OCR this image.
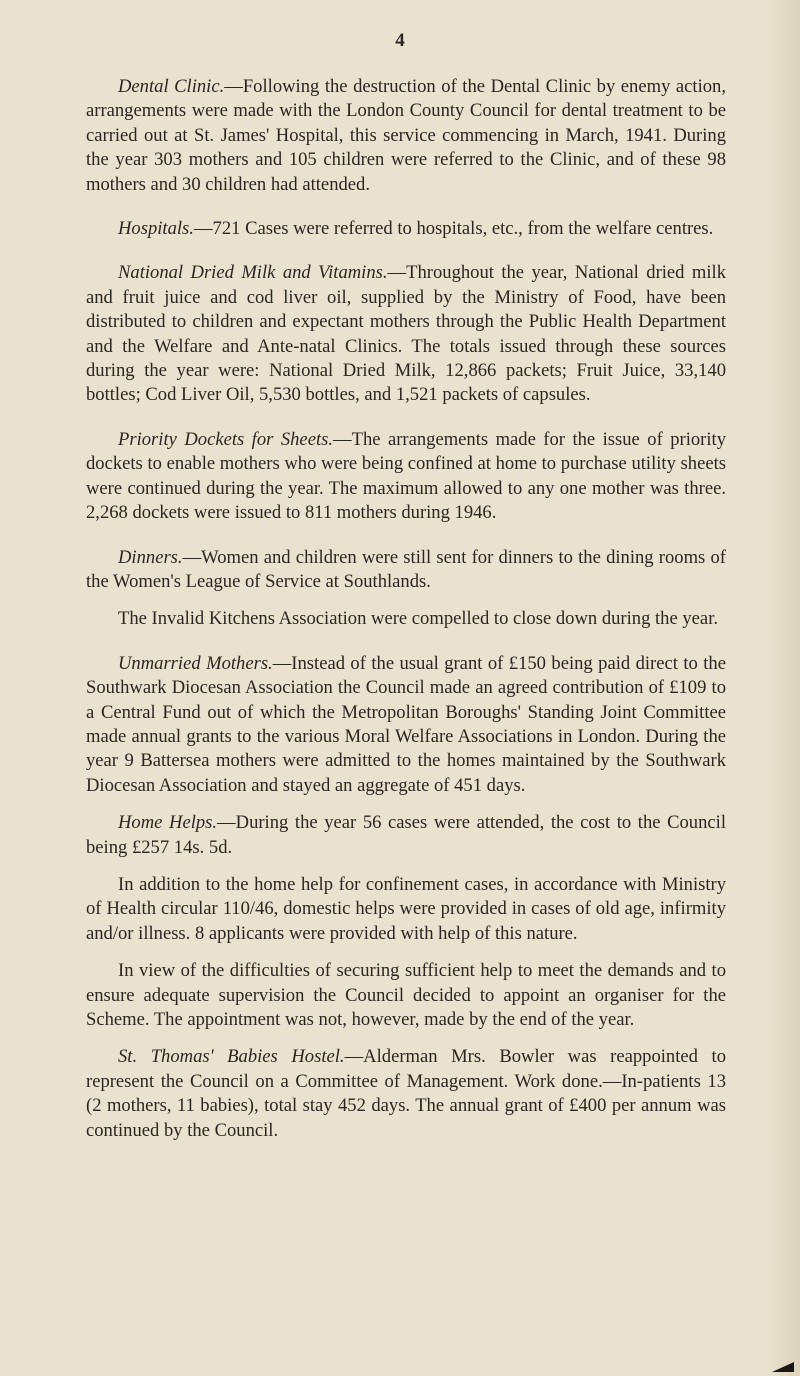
4

Dental Clinic.—Following the destruction of the Dental Clinic by enemy action, arrangements were made with the London County Council for dental treatment to be carried out at St. James' Hospital, this service commencing in March, 1941. During the year 303 mothers and 105 children were referred to the Clinic, and of these 98 mothers and 30 children had attended.

Hospitals.—721 Cases were referred to hospitals, etc., from the welfare centres.

National Dried Milk and Vitamins.—Throughout the year, National dried milk and fruit juice and cod liver oil, supplied by the Ministry of Food, have been distributed to children and expectant mothers through the Public Health Department and the Welfare and Ante-natal Clinics. The totals issued through these sources during the year were: National Dried Milk, 12,866 packets; Fruit Juice, 33,140 bottles; Cod Liver Oil, 5,530 bottles, and 1,521 packets of capsules.

Priority Dockets for Sheets.—The arrangements made for the issue of priority dockets to enable mothers who were being confined at home to purchase utility sheets were continued during the year. The maximum allowed to any one mother was three. 2,268 dockets were issued to 811 mothers during 1946.

Dinners.—Women and children were still sent for dinners to the dining rooms of the Women's League of Service at Southlands.

The Invalid Kitchens Association were compelled to close down during the year.

Unmarried Mothers.—Instead of the usual grant of £150 being paid direct to the Southwark Diocesan Association the Council made an agreed contribution of £109 to a Central Fund out of which the Metropolitan Boroughs' Standing Joint Committee made annual grants to the various Moral Welfare Associations in London. During the year 9 Battersea mothers were admitted to the homes maintained by the Southwark Diocesan Association and stayed an aggregate of 451 days.

Home Helps.—During the year 56 cases were attended, the cost to the Council being £257 14s. 5d.

In addition to the home help for confinement cases, in accordance with Ministry of Health circular 110/46, domestic helps were provided in cases of old age, infirmity and/or illness. 8 applicants were provided with help of this nature.

In view of the difficulties of securing sufficient help to meet the demands and to ensure adequate supervision the Council decided to appoint an organiser for the Scheme. The appointment was not, however, made by the end of the year.

St. Thomas' Babies Hostel.—Alderman Mrs. Bowler was reappointed to represent the Council on a Committee of Management. Work done.—In-patients 13 (2 mothers, 11 babies), total stay 452 days. The annual grant of £400 per annum was continued by the Council.
